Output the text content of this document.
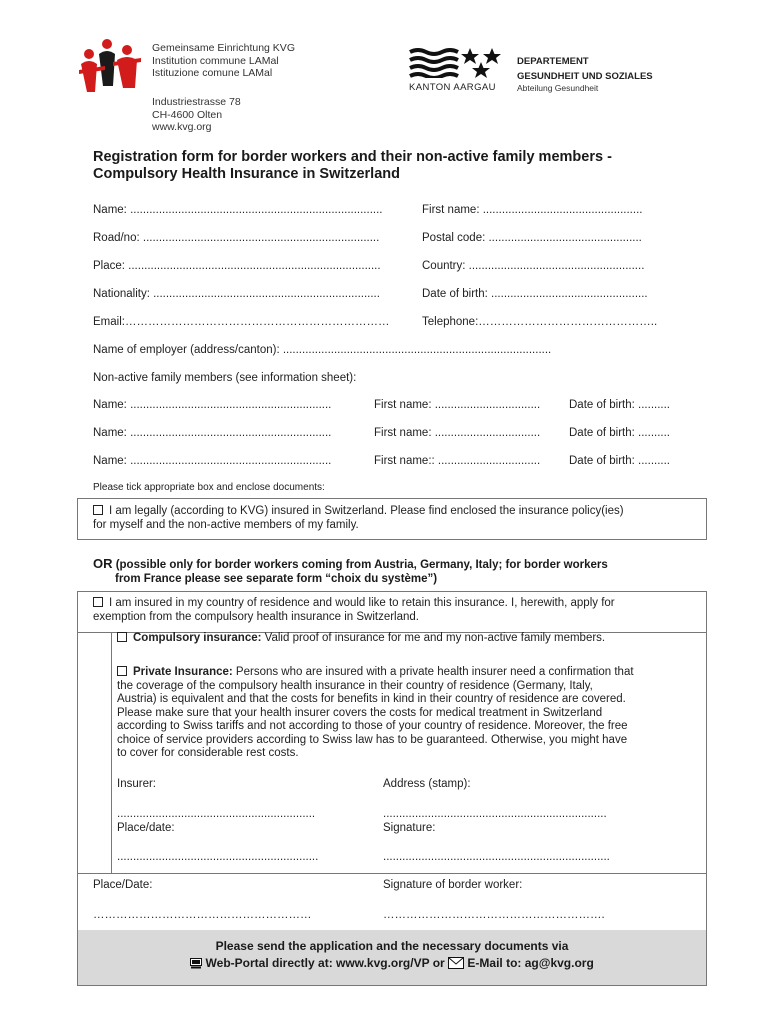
Gemeinsame Einrichtung KVG
Institution commune LAMal
Istituzione comune LAMal
Industriestrasse 78
CH-4600 Olten
www.kvg.org
KANTON AARGAU
DEPARTEMENT
GESUNDHEIT UND SOZIALES
Abteilung Gesundheit
Registration form for border workers and their non-active family members -
Compulsory Health Insurance in Switzerland
Name: ...............................................................................	First name: ..................................................
Road/no: ..........................................................................	Postal code: ................................................
Place: ...............................................................................	Country: .......................................................
Nationality: .......................................................................	Date of birth: .................................................
Email:……………………………………………………………	Telephone:………………………………………..
Name of employer (address/canton): ....................................................................................
Non-active family members (see information sheet):
Name: ...............................................................	First name: .................................	Date of birth: ..........
Name: ...............................................................	First name: .................................	Date of birth: ..........
Name: ...............................................................	First name:: ................................	Date of birth: ..........
Please tick appropriate box and enclose documents:
I am legally (according to KVG) insured in Switzerland. Please find enclosed the insurance policy(ies)
for myself and the non-active members of my family.
OR (possible only for border workers coming from Austria, Germany, Italy; for border workers
from France please see separate form “choix du système”)
I am insured in my country of residence and would like to retain this insurance. I, herewith, apply for
exemption from the compulsory health insurance in Switzerland.
Compulsory insurance: Valid proof of insurance for me and my non-active family members.
Private Insurance: Persons who are insured with a private health insurer need a confirmation that
the coverage of the compulsory health insurance in their country of residence (Germany, Italy,
Austria) is equivalent and that the costs for benefits in kind in their country of residence are covered.
Please make sure that your health insurer covers the costs for medical treatment in Switzerland
according to Swiss tariffs and not according to those of your country of residence. Moreover, the free
choice of service providers according to Swiss law has to be guaranteed. Otherwise, you might have
to cover for considerable rest costs.
Insurer:	Address (stamp):
..............................................................	......................................................................
Place/date:	Signature:
...............................................................	.......................................................................
Place/Date:	Signature of border worker:
…………………………………………………	………………………………………………….
Please send the application and the necessary documents via
Web-Portal directly at: www.kvg.org/VP or E-Mail to: ag@kvg.org
